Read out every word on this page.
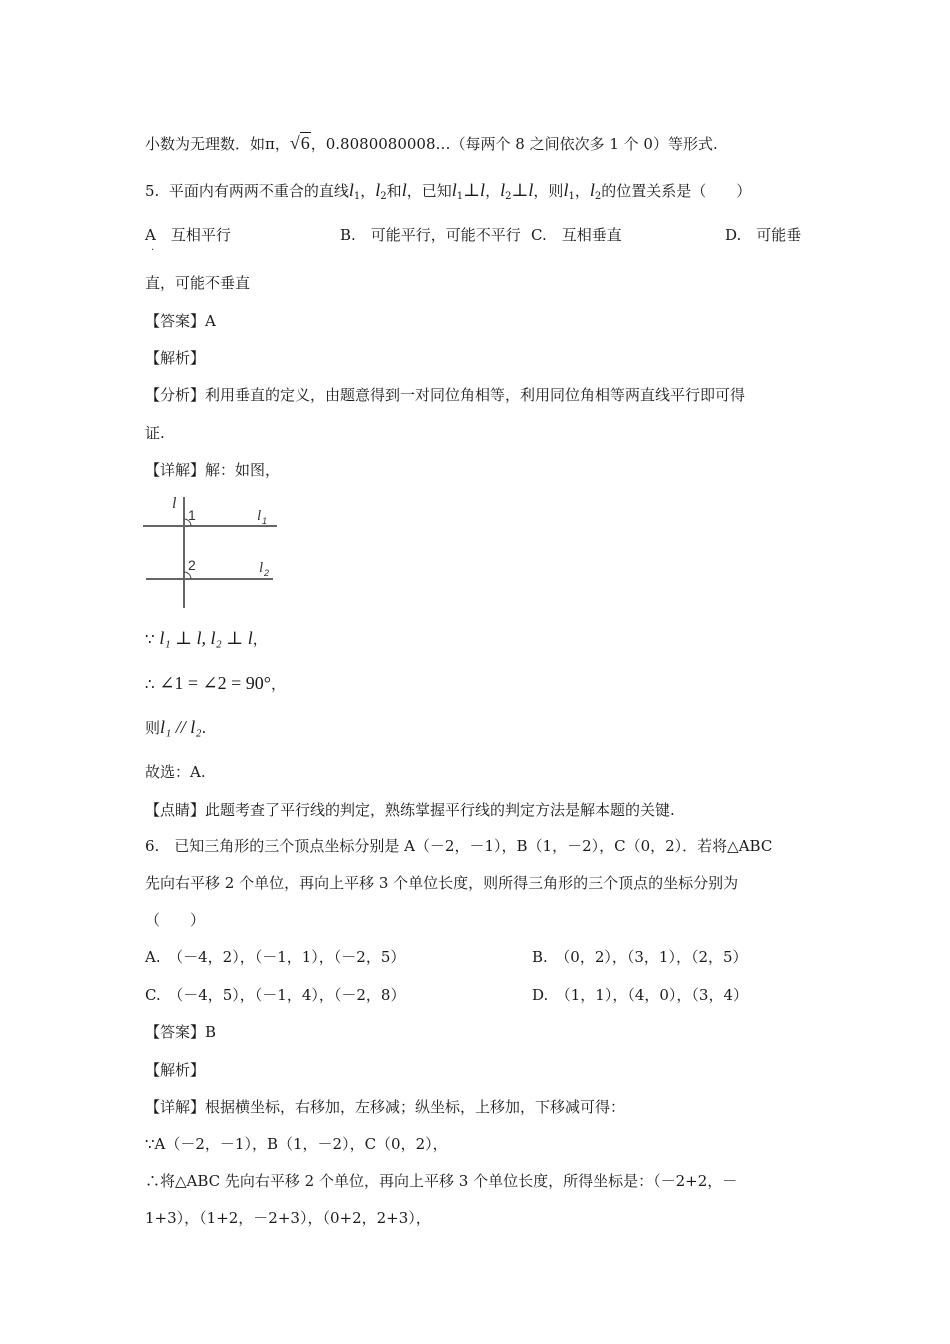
小数为无理数．如π，√6，0.8080080008…（每两个 8 之间依次多 1 个 0）等形式.
5. 平面内有两两不重合的直线$l_1$，$l_2$和l，已知$l_1\perp l$，$l_2\perp l$，则$l_1$，$l_2$的位置关系是（　　）
A　互相平行
.
B.　可能平行，可能不平行 C.　互相垂直	D.　可能垂
直，可能不垂直
【答案】A
【解析】
【分析】利用垂直的定义，由题意得到一对同位角相等，利用同位角相等两直线平行即可得
证.
【详解】解：如图，
l
1	l 1
2	l 2
∵ l₁ ⊥ l, l₂ ⊥ l，
∴ ∠1 = ∠2 = 90°，
则l₁ // l₂.
故选：A.
【点睛】此题考查了平行线的判定，熟练掌握平行线的判定方法是解本题的关键.
6.　已知三角形的三个顶点坐标分别是 A（－2，－1），B（1，－2），C（0，2）．若将△ABC
先向右平移 2 个单位，再向上平移 3 个单位长度，则所得三角形的三个顶点的坐标分别为
（　　）
A.　（－4，2），（－1，1），（－2，5）	B.　（0，2），（3，1），（2，5）
C.　（－4，5），（－1，4），（－2，8）	D.　（1，1），（4，0），（3，4）
【答案】B
【解析】
【详解】根据横坐标，右移加，左移减；纵坐标，上移加，下移减可得：
∵A（－2，－1），B（1，－2），C（0，2），
∴将△ABC 先向右平移 2 个单位，再向上平移 3 个单位长度，所得坐标是：（－2+2，－
1+3），（1+2，－2+3），（0+2，2+3），
